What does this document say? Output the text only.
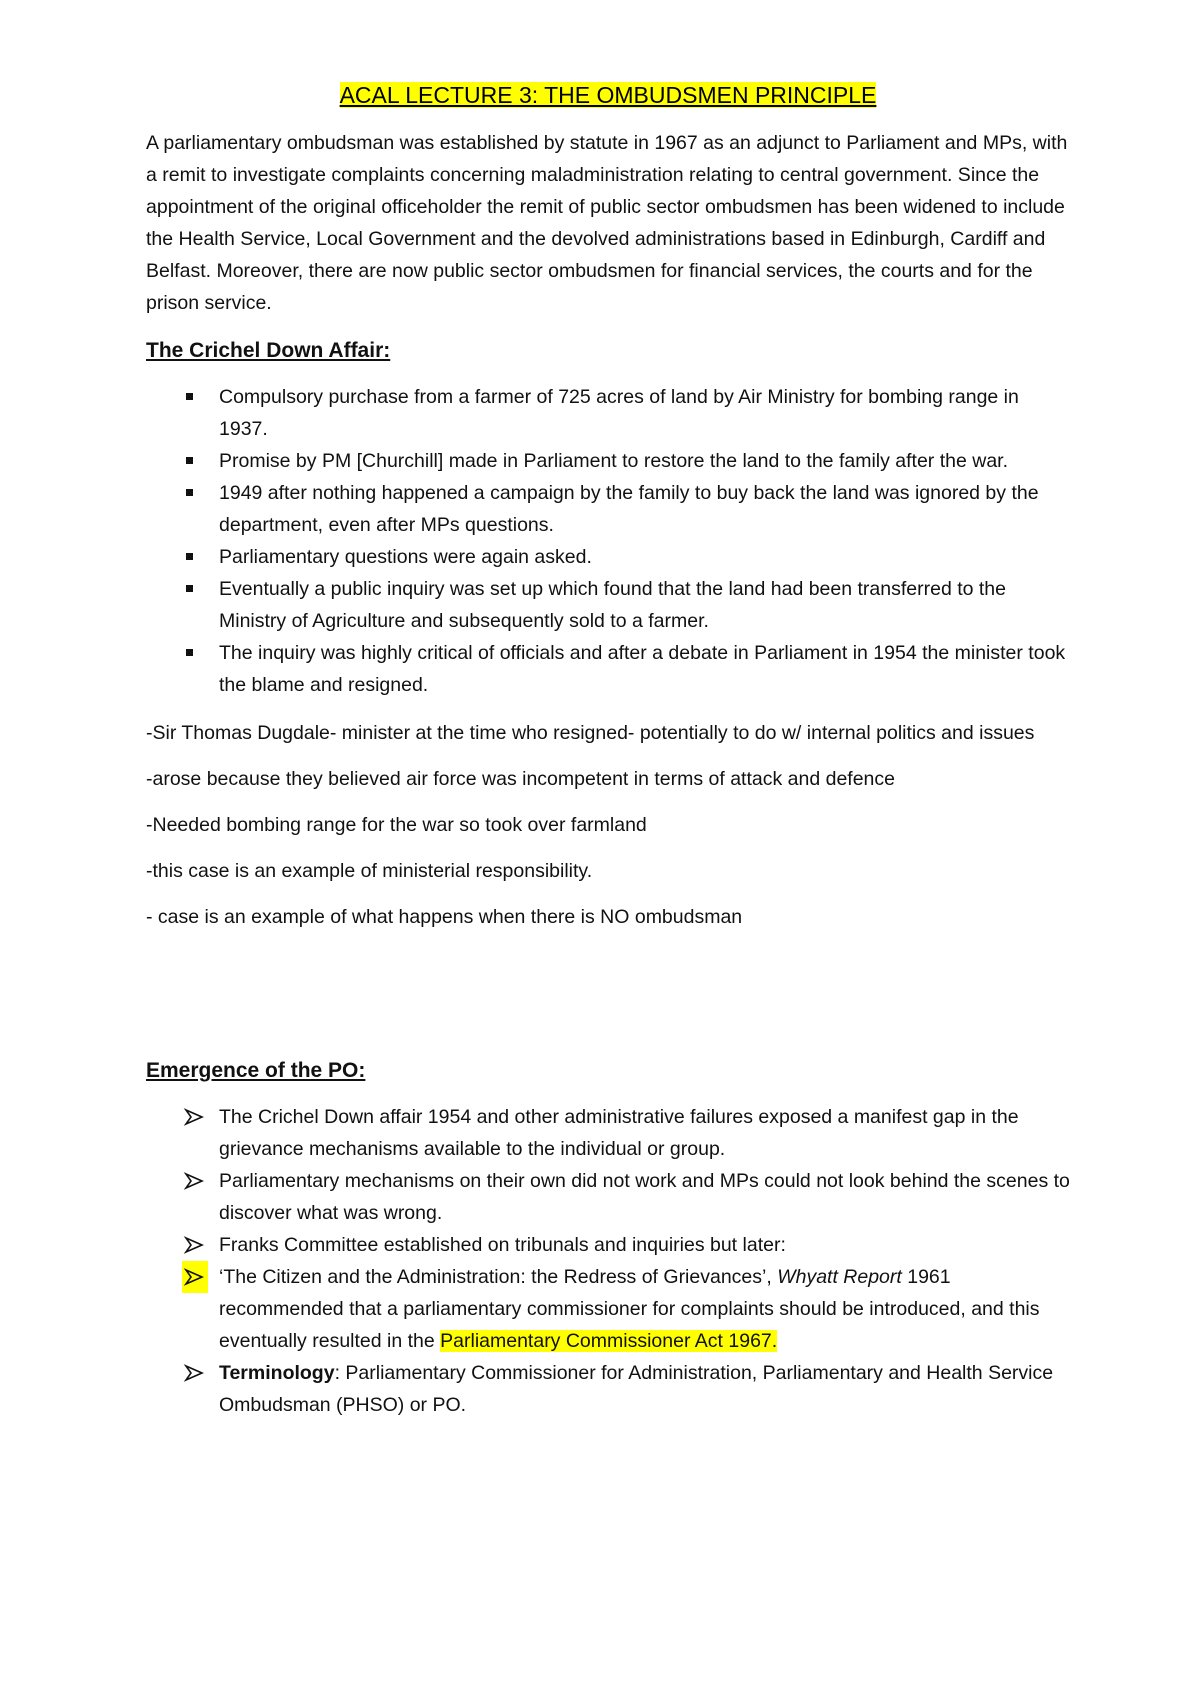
ACAL LECTURE 3: THE OMBUDSMEN PRINCIPLE

A parliamentary ombudsman was established by statute in 1967 as an adjunct to Parliament and MPs, with a remit to investigate complaints concerning maladministration relating to central government. Since the appointment of the original officeholder the remit of public sector ombudsmen has been widened to include the Health Service, Local Government and the devolved administrations based in Edinburgh, Cardiff and Belfast. Moreover, there are now public sector ombudsmen for financial services, the courts and for the prison service.

The Crichel Down Affair:
Compulsory purchase from a farmer of 725 acres of land by Air Ministry for bombing range in 1937.
Promise by PM [Churchill] made in Parliament to restore the land to the family after the war.
1949 after nothing happened a campaign by the family to buy back the land was ignored by the department, even after MPs questions.
Parliamentary questions were again asked.
Eventually a public inquiry was set up which found that the land had been transferred to the Ministry of Agriculture and subsequently sold to a farmer.
The inquiry was highly critical of officials and after a debate in Parliament in 1954 the minister took the blame and resigned.

-Sir Thomas Dugdale- minister at the time who resigned- potentially to do w/ internal politics and issues

-arose because they believed air force was incompetent in terms of attack and defence

-Needed bombing range for the war so took over farmland

-this case is an example of ministerial responsibility.

- case is an example of what happens when there is NO ombudsman

Emergence of the PO:
The Crichel Down affair 1954 and other administrative failures exposed a manifest gap in the grievance mechanisms available to the individual or group.
Parliamentary mechanisms on their own did not work and MPs could not look behind the scenes to discover what was wrong.
Franks Committee established on tribunals and inquiries but later:
‘The Citizen and the Administration: the Redress of Grievances’, Whyatt Report 1961 recommended that a parliamentary commissioner for complaints should be introduced, and this eventually resulted in the Parliamentary Commissioner Act 1967.
Terminology: Parliamentary Commissioner for Administration, Parliamentary and Health Service Ombudsman (PHSO) or PO.
